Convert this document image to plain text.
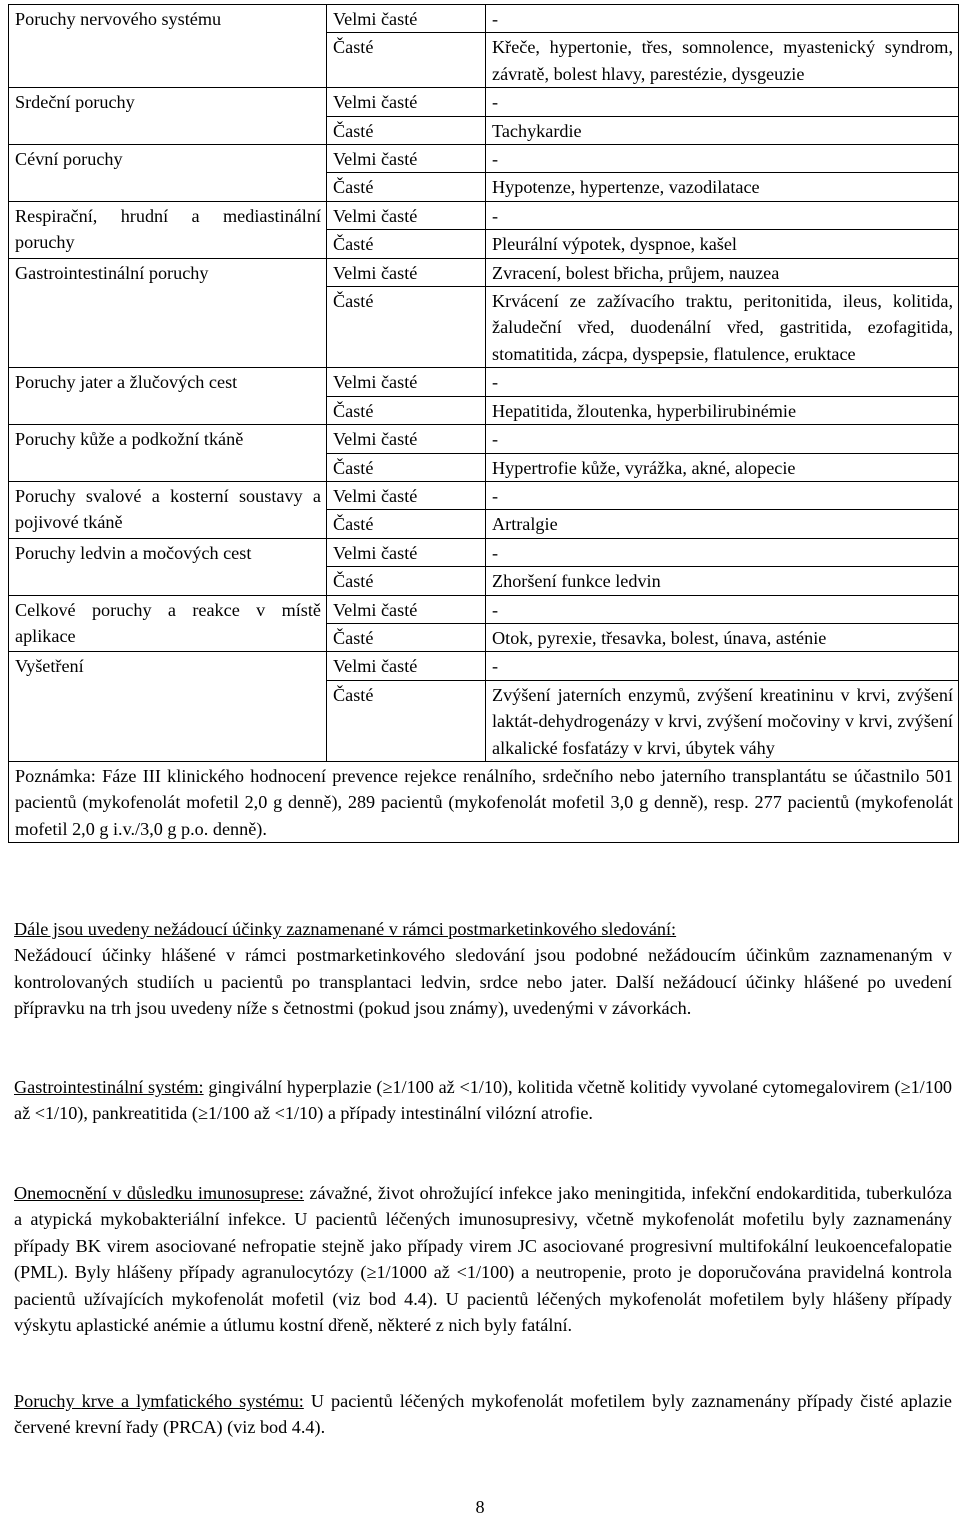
Poruchy nervového systému	Velmi časté	-
	Časté	Křeče, hypertonie, třes, somnolence, myastenický syndrom, závratě, bolest hlavy, parestézie, dysgeuzie
Srdeční poruchy	Velmi časté	-
	Časté	Tachykardie
Cévní poruchy	Velmi časté	-
	Časté	Hypotenze, hypertenze, vazodilatace
Respirační, hrudní a mediastinální poruchy	Velmi časté	-
	Časté	Pleurální výpotek, dyspnoe, kašel
Gastrointestinální poruchy	Velmi časté	Zvracení, bolest břicha, průjem, nauzea
	Časté	Krvácení ze zažívacího traktu, peritonitida, ileus, kolitida, žaludeční vřed, duodenální vřed, gastritida, ezofagitida, stomatitida, zácpa, dyspepsie, flatulence, eruktace
Poruchy jater a žlučových cest	Velmi časté	-
	Časté	Hepatitida, žloutenka, hyperbilirubinémie
Poruchy kůže a podkožní tkáně	Velmi časté	-
	Časté	Hypertrofie kůže, vyrážka, akné, alopecie
Poruchy svalové a kosterní soustavy a pojivové tkáně	Velmi časté	-
	Časté	Artralgie
Poruchy ledvin a močových cest	Velmi časté	-
	Časté	Zhoršení funkce ledvin
Celkové poruchy a reakce v místě aplikace	Velmi časté	-
	Časté	Otok, pyrexie, třesavka, bolest, únava, asténie
Vyšetření	Velmi časté	-
	Časté	Zvýšení jaterních enzymů, zvýšení kreatininu v krvi, zvýšení laktát-dehydrogenázy v krvi, zvýšení močoviny v krvi, zvýšení alkalické fosfatázy v krvi, úbytek váhy
Poznámka: Fáze III klinického hodnocení prevence rejekce renálního, srdečního nebo jaterního transplantátu se účastnilo 501 pacientů (mykofenolát mofetil 2,0 g denně), 289 pacientů (mykofenolát mofetil 3,0 g denně), resp. 277 pacientů (mykofenolát mofetil 2,0 g i.v./3,0 g p.o. denně).		

Dále jsou uvedeny nežádoucí účinky zaznamenané v rámci postmarketinkového sledování:

Nežádoucí účinky hlášené v rámci postmarketinkového sledování jsou podobné nežádoucím účinkům zaznamenaným v kontrolovaných studiích u pacientů po transplantaci ledvin, srdce nebo jater. Další nežádoucí účinky hlášené po uvedení přípravku na trh jsou uvedeny níže s četnostmi (pokud jsou známy), uvedenými v závorkách.

Gastrointestinální systém: gingivální hyperplazie (≥1/100 až <1/10), kolitida včetně kolitidy vyvolané cytomegalovirem (≥1/100 až <1/10), pankreatitida (≥1/100 až <1/10) a případy intestinální vilózní atrofie.

Onemocnění v důsledku imunosuprese: závažné, život ohrožující infekce jako meningitida, infekční endokarditida, tuberkulóza a atypická mykobakteriální infekce. U pacientů léčených imunosupresivy, včetně mykofenolát mofetilu byly zaznamenány případy BK virem asociované nefropatie stejně jako případy virem JC asociované progresivní multifokální leukoencefalopatie (PML). Byly hlášeny případy agranulocytózy (≥1/1000 až <1/100) a neutropenie, proto je doporučována pravidelná kontrola pacientů užívajících mykofenolát mofetil (viz bod 4.4). U pacientů léčených mykofenolát mofetilem byly hlášeny případy výskytu aplastické anémie a útlumu kostní dřeně, některé z nich byly fatální.

Poruchy krve a lymfatického systému: U pacientů léčených mykofenolát mofetilem byly zaznamenány případy čisté aplazie červené krevní řady (PRCA) (viz bod 4.4).

8
